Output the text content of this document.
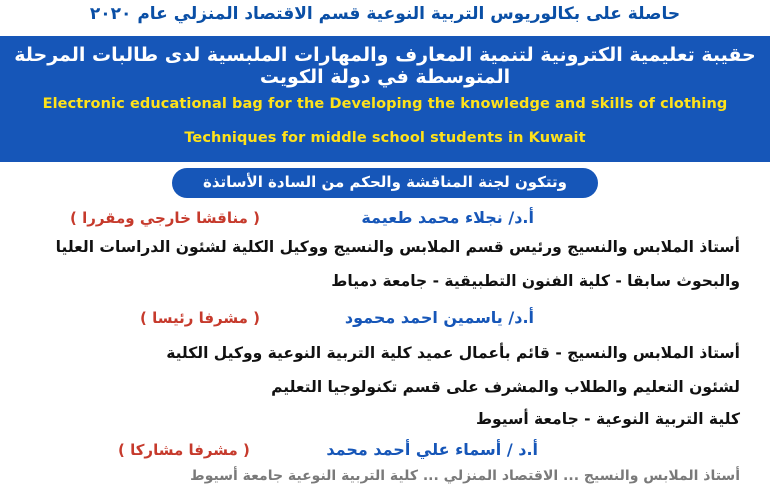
حاصلة على بكالوريوس التربية النوعية قسم الاقتصاد المنزلي عام ٢٠٢٠
حقيبة تعليمية الكترونية لتنمية المعارف والمهارات الملبسية لدى طالبات المرحلة المتوسطة في دولة الكويت
Electronic educational bag for the Developing the knowledge and skills of clothing
Techniques for middle school students in Kuwait
وتتكون لجنة المناقشة والحكم من السادة الأساتذة
أ.د/ نجلاء محمد طعيمة
( مناقشا خارجي ومقررا )
أستاذ الملابس والنسيج ورئيس قسم الملابس والنسيج ووكيل الكلية لشئون الدراسات العليا
والبحوث سابقا - كلية الفنون التطبيقية - جامعة دمياط
أ.د/ ياسمين احمد محمود
( مشرفا رئيسا )
أستاذ الملابس والنسيج - قائم بأعمال عميد كلية التربية النوعية ووكيل الكلية
لشئون التعليم والطلاب والمشرف على قسم تكنولوجيا التعليم
كلية التربية النوعية - جامعة أسيوط
أ.د / أسماء علي أحمد محمد
( مشرفا مشاركا )
أستاذ الملابس والنسيج ... الاقتصاد المنزلي ... كلية التربية النوعية جامعة أسيوط
